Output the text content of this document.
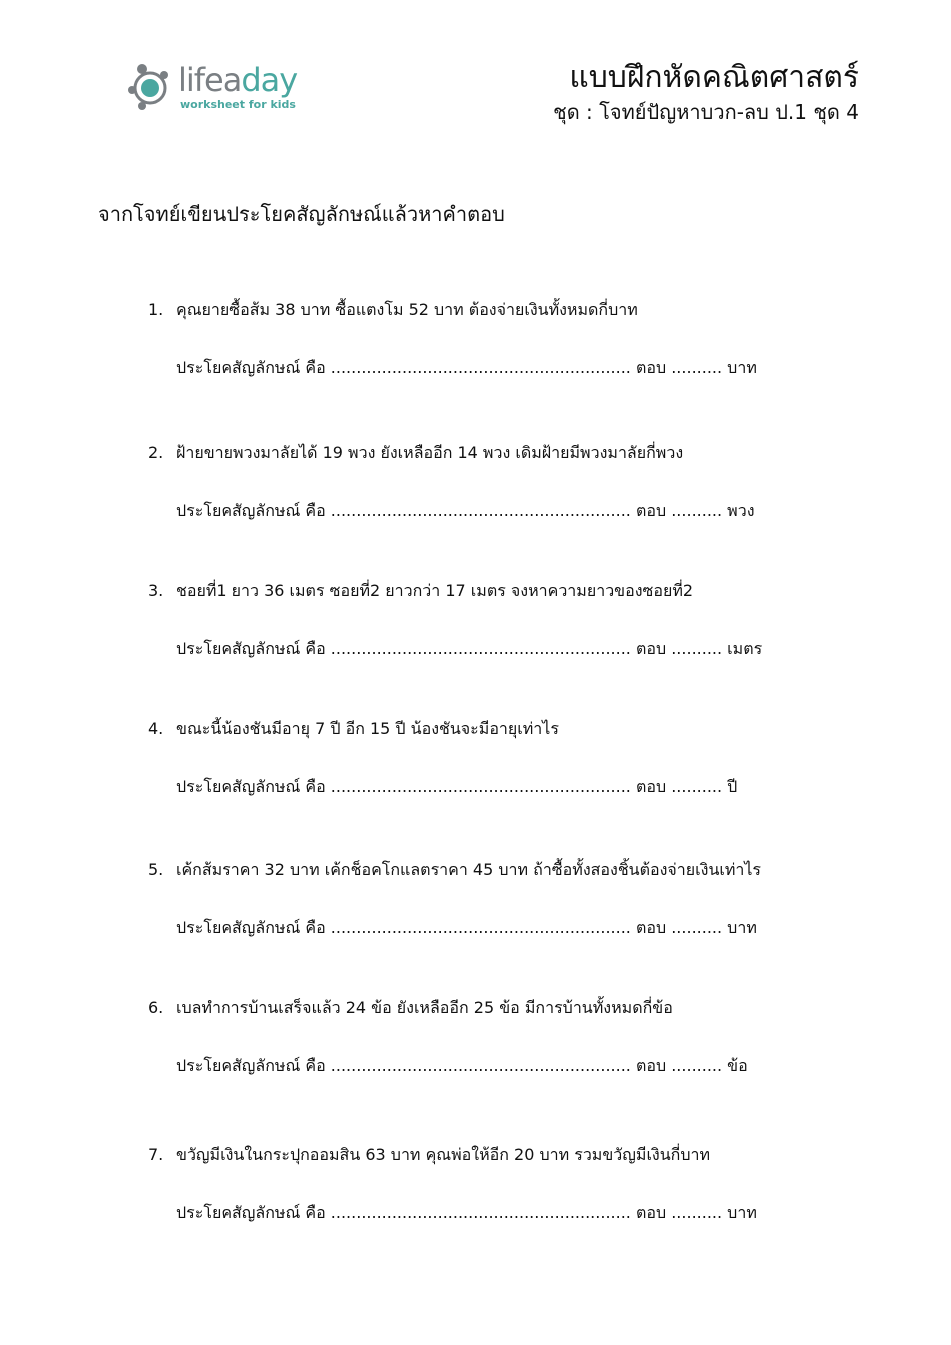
lifeaday
worksheet for kids
แบบฝึกหัดคณิตศาสตร์
ชุด : โจทย์ปัญหาบวก-ลบ ป.1 ชุด 4
จากโจทย์เขียนประโยคสัญลักษณ์แล้วหาคำตอบ
1. คุณยายซื้อส้ม 38 บาท ซื้อแตงโม 52 บาท ต้องจ่ายเงินทั้งหมดกี่บาท
ประโยคสัญลักษณ์ คือ ........................................................... ตอบ .......... บาท
2. ฝ้ายขายพวงมาลัยได้ 19 พวง ยังเหลืออีก 14 พวง เดิมฝ้ายมีพวงมาลัยกี่พวง
ประโยคสัญลักษณ์ คือ ........................................................... ตอบ .......... พวง
3. ชอยที่1 ยาว 36 เมตร ซอยที่2 ยาวกว่า 17 เมตร จงหาความยาวของซอยที่2
ประโยคสัญลักษณ์ คือ ........................................................... ตอบ .......... เมตร
4. ขณะนี้น้องชันมีอายุ 7 ปี อีก 15 ปี น้องชันจะมีอายุเท่าไร
ประโยคสัญลักษณ์ คือ ........................................................... ตอบ .......... ปี
5. เค้กส้มราคา 32 บาท เค้กช็อคโกแลตราคา 45 บาท ถ้าซื้อทั้งสองชิ้นต้องจ่ายเงินเท่าไร
ประโยคสัญลักษณ์ คือ ........................................................... ตอบ .......... บาท
6. เบลทำการบ้านเสร็จแล้ว 24 ข้อ ยังเหลืออีก 25 ข้อ มีการบ้านทั้งหมดกี่ข้อ
ประโยคสัญลักษณ์ คือ ........................................................... ตอบ .......... ข้อ
7. ขวัญมีเงินในกระปุกออมสิน 63 บาท คุณพ่อให้อีก 20 บาท รวมขวัญมีเงินกี่บาท
ประโยคสัญลักษณ์ คือ ........................................................... ตอบ .......... บาท
